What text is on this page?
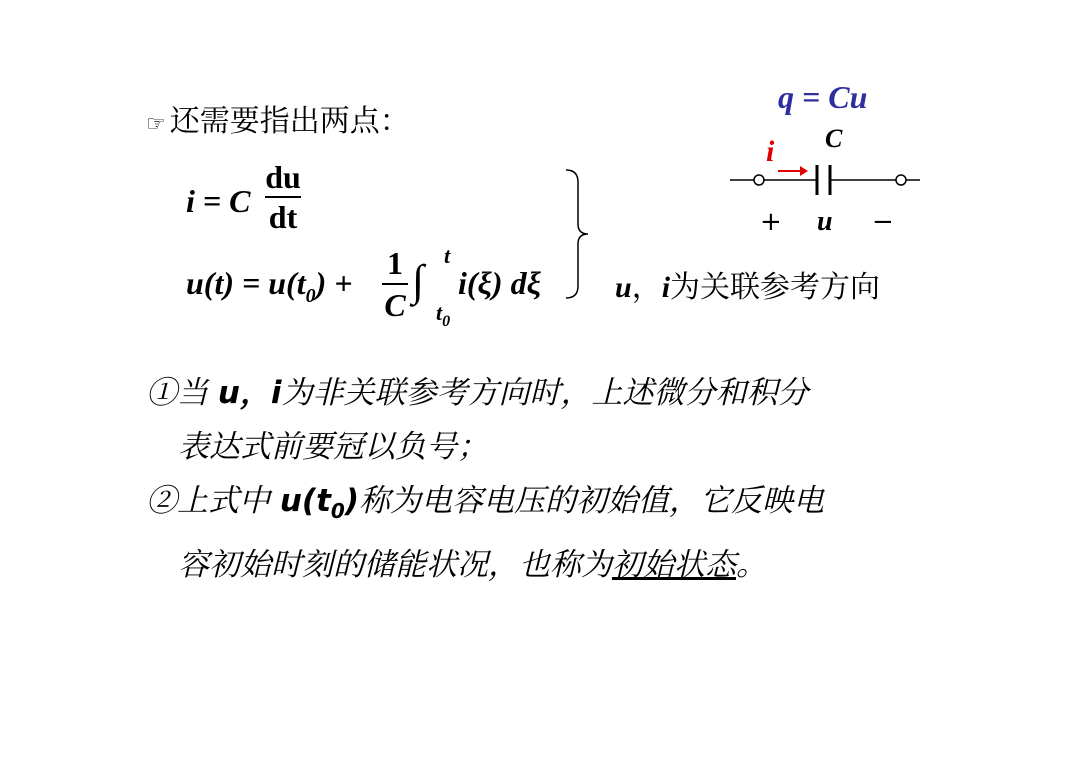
☞ 还需要指出两点：
i = C
du
dt
$u(t) = u(t_0)$ +
1
C ∫
t
$t_0$
i(ξ) dξ
q = Cu
C
i
+ u −
u，i为关联参考方向
①当 u，i为非关联参考方向时，上述微分和积分
表达式前要冠以负号；
②上式中 $u(t_0)$称为电容电压的初始值，它反映电
容初始时刻的储能状况，也称为初始状态。
